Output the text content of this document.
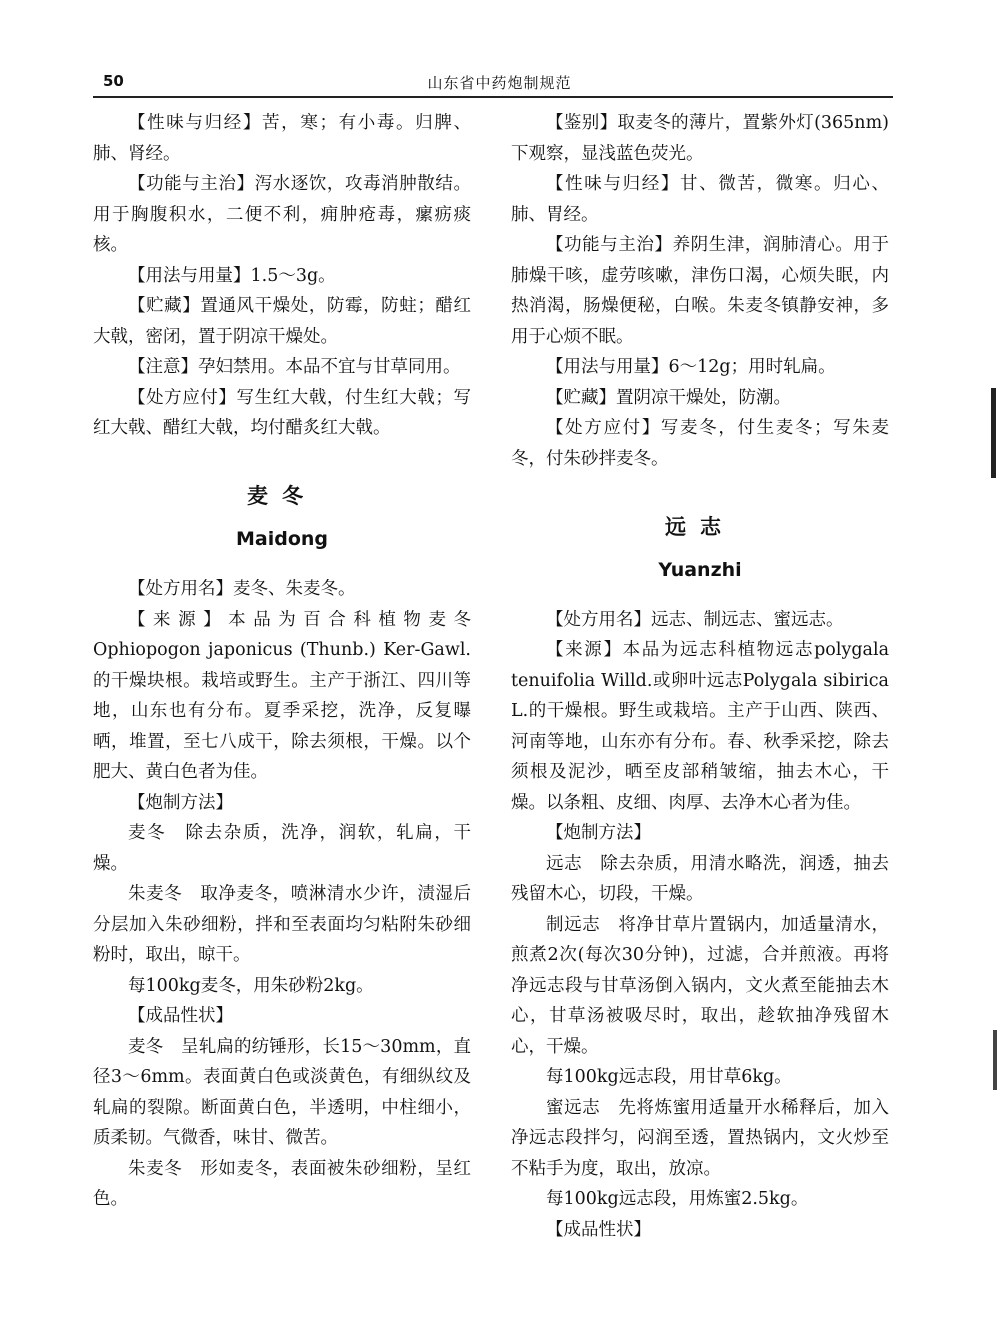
50	山东省中药炮制规范

【性味与归经】苦，寒；有小毒。归脾、肺、肾经。

【功能与主治】泻水逐饮，攻毒消肿散结。用于胸腹积水，二便不利，痈肿疮毒，瘰疬痰核。

【用法与用量】1.5～3g。

【贮藏】置通风干燥处，防霉，防蛀；醋红大戟，密闭，置于阴凉干燥处。

【注意】孕妇禁用。本品不宜与甘草同用。

【处方应付】写生红大戟，付生红大戟；写红大戟、醋红大戟，均付醋炙红大戟。

麦冬

Maidong

【处方用名】麦冬、朱麦冬。

【来源】本品为百合科植物麦冬Ophiopogon japonicus (Thunb.) Ker-Gawl.的干燥块根。栽培或野生。主产于浙江、四川等地，山东也有分布。夏季采挖，洗净，反复曝晒，堆置，至七八成干，除去须根，干燥。以个肥大、黄白色者为佳。

【炮制方法】

麦冬　除去杂质，洗净，润软，轧扁，干燥。

朱麦冬　取净麦冬，喷淋清水少许，渍湿后分层加入朱砂细粉，拌和至表面均匀粘附朱砂细粉时，取出，晾干。

每100kg麦冬，用朱砂粉2kg。

【成品性状】

麦冬　呈轧扁的纺锤形，长15～30mm，直径3～6mm。表面黄白色或淡黄色，有细纵纹及轧扁的裂隙。断面黄白色，半透明，中柱细小，质柔韧。气微香，味甘、微苦。

朱麦冬　形如麦冬，表面被朱砂细粉，呈红色。

【鉴别】取麦冬的薄片，置紫外灯(365nm)下观察，显浅蓝色荧光。

【性味与归经】甘、微苦，微寒。归心、肺、胃经。

【功能与主治】养阴生津，润肺清心。用于肺燥干咳，虚劳咳嗽，津伤口渴，心烦失眠，内热消渴，肠燥便秘，白喉。朱麦冬镇静安神，多用于心烦不眠。

【用法与用量】6～12g；用时轧扁。

【贮藏】置阴凉干燥处，防潮。

【处方应付】写麦冬，付生麦冬；写朱麦冬，付朱砂拌麦冬。

远志

Yuanzhi

【处方用名】远志、制远志、蜜远志。

【来源】本品为远志科植物远志polygala tenuifolia Willd.或卵叶远志Polygala sibirica L.的干燥根。野生或栽培。主产于山西、陕西、河南等地，山东亦有分布。春、秋季采挖，除去须根及泥沙，晒至皮部稍皱缩，抽去木心，干燥。以条粗、皮细、肉厚、去净木心者为佳。

【炮制方法】

远志　除去杂质，用清水略洗，润透，抽去残留木心，切段，干燥。

制远志　将净甘草片置锅内，加适量清水，煎煮2次(每次30分钟)，过滤，合并煎液。再将净远志段与甘草汤倒入锅内，文火煮至能抽去木心，甘草汤被吸尽时，取出，趁软抽净残留木心，干燥。

每100kg远志段，用甘草6kg。

蜜远志　先将炼蜜用适量开水稀释后，加入净远志段拌匀，闷润至透，置热锅内，文火炒至不粘手为度，取出，放凉。

每100kg远志段，用炼蜜2.5kg。

【成品性状】
